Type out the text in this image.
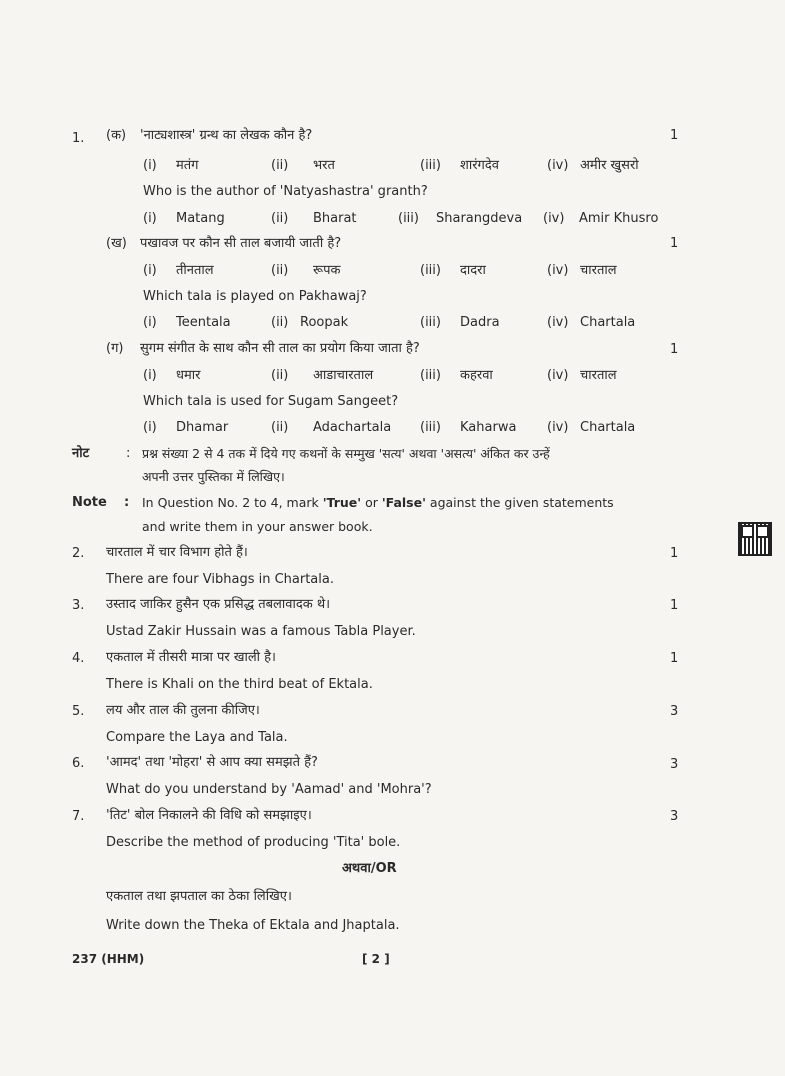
1. (क) 'नाट्यशास्त्र' ग्रन्थ का लेखक कौन है?	1
(i) मतंग	(ii) भरत	(iii) शारंगदेव	(iv) अमीर खुसरो
Who is the author of 'Natyashastra' granth?
(i) Matang	(ii) Bharat	(iii) Sharangdeva (iv) Amir Khusro
(ख) पखावज पर कौन सी ताल बजायी जाती है?	1
(i) तीनताल	(ii) रूपक	(iii) दादरा	(iv) चारताल
Which tala is played on Pakhawaj?
(i) Teentala	(ii) Roopak	(iii) Dadra	(iv) Chartala
(ग) सुगम संगीत के साथ कौन सी ताल का प्रयोग किया जाता है?	1
(i) धमार	(ii) आडाचारताल	(iii) कहरवा	(iv) चारताल
Which tala is used for Sugam Sangeet?
(i) Dhamar	(ii) Adachartala (iii) Kaharwa (iv) Chartala
नोट	: प्रश्न संख्या 2 से 4 तक में दिये गए कथनों के सम्मुख 'सत्य' अथवा 'असत्य' अंकित कर उन्हें
अपनी उत्तर पुस्तिका में लिखिए।
Note : In Question No. 2 to 4, mark 'True' or 'False' against the given statements
and write them in your answer book.
2. चारताल में चार विभाग होते हैं।	1
There are four Vibhags in Chartala.
3. उस्ताद जाकिर हुसैन एक प्रसिद्ध तबलावादक थे।	1
Ustad Zakir Hussain was a famous Tabla Player.
4. एकताल में तीसरी मात्रा पर खाली है।	1
There is Khali on the third beat of Ektala.
5. लय और ताल की तुलना कीजिए।	3
Compare the Laya and Tala.
6. 'आमद' तथा 'मोहरा' से आप क्या समझते हैं?	3
What do you understand by 'Aamad' and 'Mohra'?
7. 'तिट' बोल निकालने की विधि को समझाइए।	3
Describe the method of producing 'Tita' bole.
अथवा/OR
एकताल तथा झपताल का ठेका लिखिए।
Write down the Theka of Ektala and Jhaptala.
237 (HHM)	[ 2 ]
